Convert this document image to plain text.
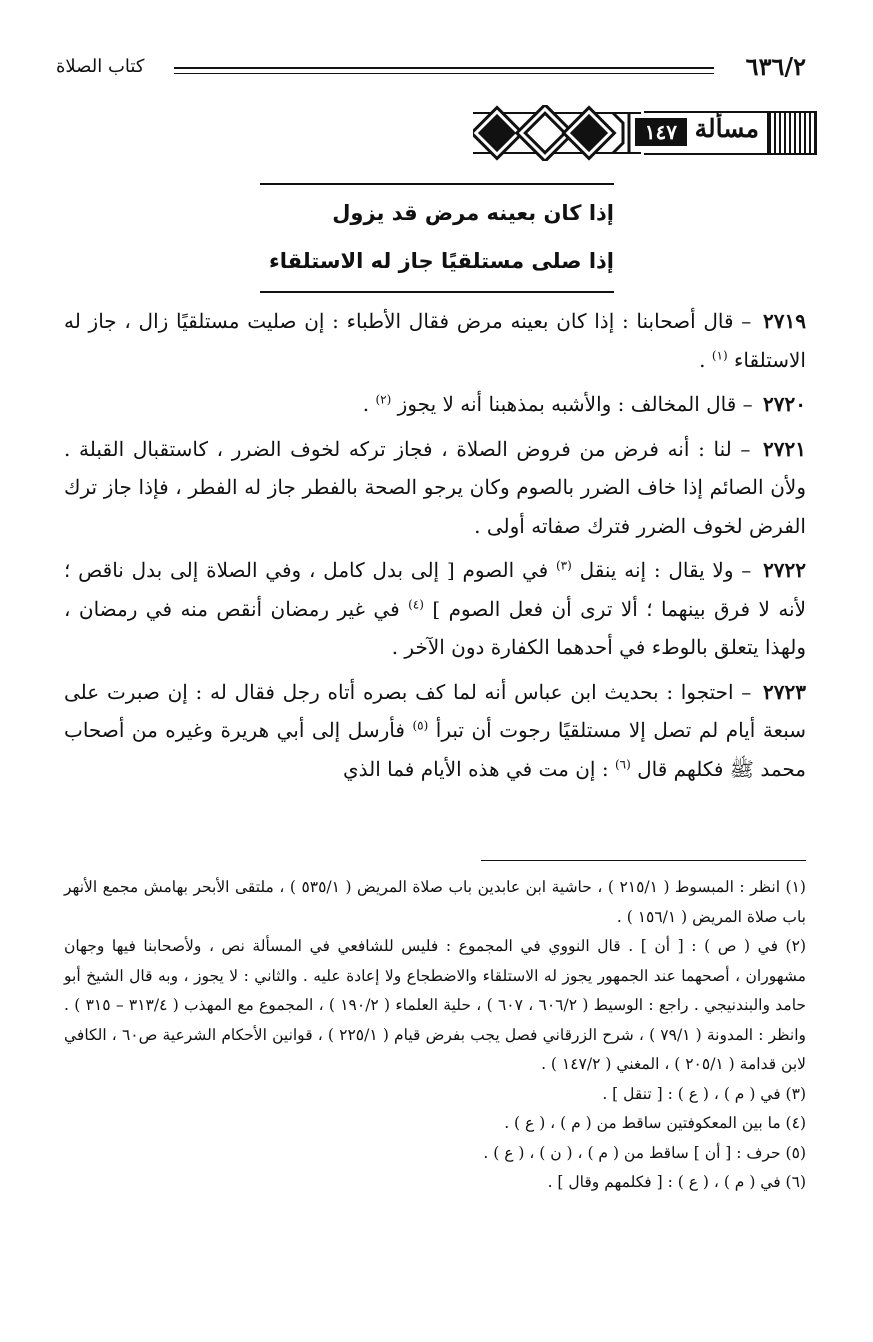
٦٣٦/٢
كتاب الصلاة
مسألة
١٤٧
إذا كان بعينه مرض قد يزول
إذا صلى مستلقيًا جاز له الاستلقاء

٢٧١٩ – قال أصحابنا : إذا كان بعينه مرض فقال الأطباء : إن صليت مستلقيًا زال ، جاز له الاستلقاء $^{(١)}$ .

٢٧٢٠ – قال المخالف : والأشبه بمذهبنا أنه لا يجوز $^{(٢)}$ .

٢٧٢١ – لنا : أنه فرض من فروض الصلاة ، فجاز تركه لخوف الضرر ، كاستقبال القبلة . ولأن الصائم إذا خاف الضرر بالصوم وكان يرجو الصحة بالفطر جاز له الفطر ، فإذا جاز ترك الفرض لخوف الضرر فترك صفاته أولى .

٢٧٢٢ – ولا يقال : إنه ينقل $^{(٣)}$ في الصوم [ إلى بدل كامل ، وفي الصلاة إلى بدل ناقص ؛ لأنه لا فرق بينهما ؛ ألا ترى أن فعل الصوم ] $^{(٤)}$ في غير رمضان أنقص منه في رمضان ، ولهذا يتعلق بالوطء في أحدهما الكفارة دون الآخر .

٢٧٢٣ – احتجوا : بحديث ابن عباس أنه لما كف بصره أتاه رجل فقال له : إن صبرت على سبعة أيام لم تصل إلا مستلقيًا رجوت أن تبرأ $^{(٥)}$ فأرسل إلى أبي هريرة وغيره من أصحاب محمد ﷺ فكلهم قال $^{(٦)}$ : إن مت في هذه الأيام فما الذي

(١) انظر : المبسوط ( ٢١٥/١ ) ، حاشية ابن عابدين باب صلاة المريض ( ٥٣٥/١ ) ، ملتقى الأبحر بهامش مجمع الأنهر باب صلاة المريض ( ١٥٦/١ ) .

(٢) في ( ص ) : [ أن ] . قال النووي في المجموع : فليس للشافعي في المسألة نص ، ولأصحابنا فيها وجهان مشهوران ، أصحهما عند الجمهور يجوز له الاستلقاء والاضطجاع ولا إعادة عليه . والثاني : لا يجوز ، وبه قال الشيخ أبو حامد والبندنيجي . راجع : الوسيط ( ٦٠٦/٢ ، ٦٠٧ ) ، حلية العلماء ( ١٩٠/٢ ) ، المجموع مع المهذب ( ٣١٣/٤ – ٣١٥ ) . وانظر : المدونة ( ٧٩/١ ) ، شرح الزرقاني فصل يجب بفرض قيام ( ٢٢٥/١ ) ، قوانين الأحكام الشرعية ص٦٠ ، الكافي لابن قدامة ( ٢٠٥/١ ) ، المغني ( ١٤٧/٢ ) .

(٣) في ( م ) ، ( ع ) : [ تنقل ] .

(٤) ما بين المعكوفتين ساقط من ( م ) ، ( ع ) .

(٥) حرف : [ أن ] ساقط من ( م ) ، ( ن ) ، ( ع ) .

(٦) في ( م ) ، ( ع ) : [ فكلمهم وقال ] .
